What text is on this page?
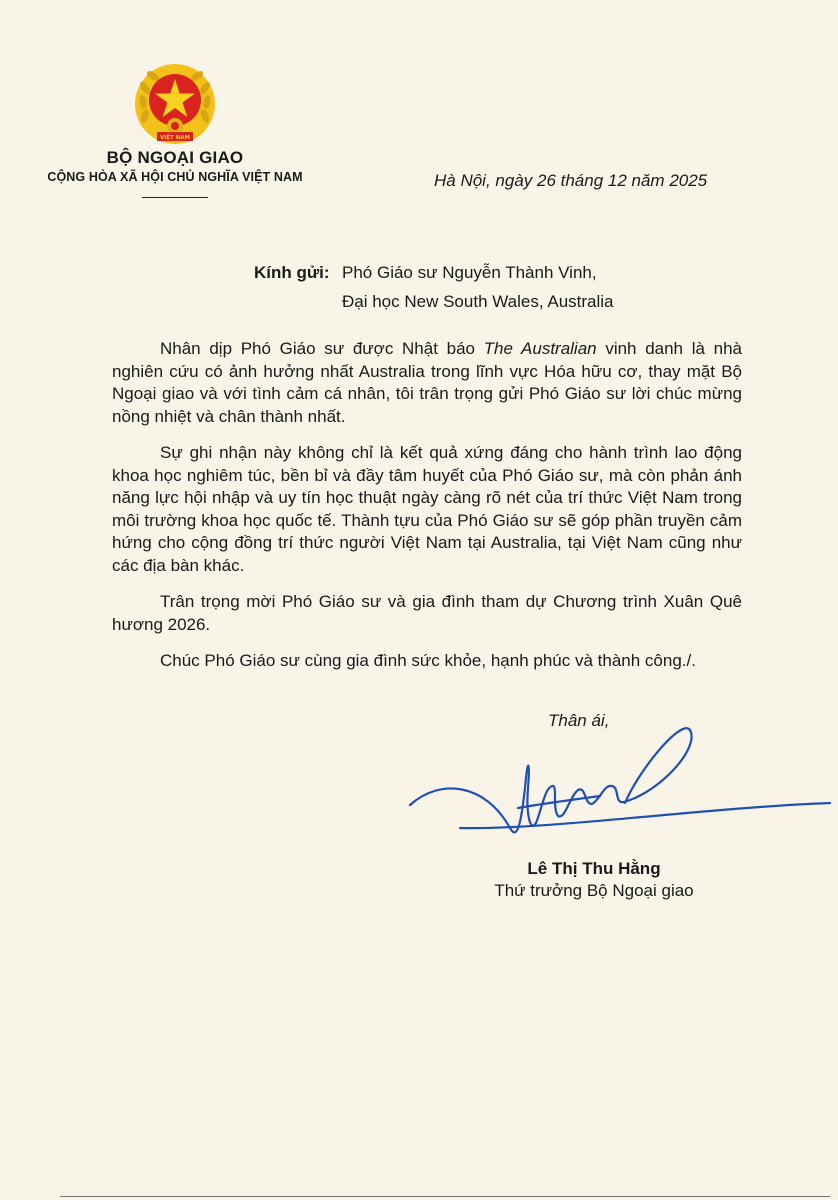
VIỆT NAM
BỘ NGOẠI GIAO
CỘNG HÒA XÃ HỘI CHỦ NGHĨA VIỆT NAM	Hà Nội, ngày 26 tháng 12 năm 2025
Kính gửi: Phó Giáo sư Nguyễn Thành Vinh,
Đại học New South Wales, Australia

Nhân dịp Phó Giáo sư được Nhật báo The Australian vinh danh là nhà nghiên cứu có ảnh hưởng nhất Australia trong lĩnh vực Hóa hữu cơ, thay mặt Bộ Ngoại giao và với tình cảm cá nhân, tôi trân trọng gửi Phó Giáo sư lời chúc mừng nồng nhiệt và chân thành nhất.

Sự ghi nhận này không chỉ là kết quả xứng đáng cho hành trình lao động khoa học nghiêm túc, bền bỉ và đầy tâm huyết của Phó Giáo sư, mà còn phản ánh năng lực hội nhập và uy tín học thuật ngày càng rõ nét của trí thức Việt Nam trong môi trường khoa học quốc tế. Thành tựu của Phó Giáo sư sẽ góp phần truyền cảm hứng cho cộng đồng trí thức người Việt Nam tại Australia, tại Việt Nam cũng như các địa bàn khác.

Trân trọng mời Phó Giáo sư và gia đình tham dự Chương trình Xuân Quê hương 2026.

Chúc Phó Giáo sư cùng gia đình sức khỏe, hạnh phúc và thành công./.

Thân ái,
Lê Thị Thu Hằng
Thứ trưởng Bộ Ngoại giao
